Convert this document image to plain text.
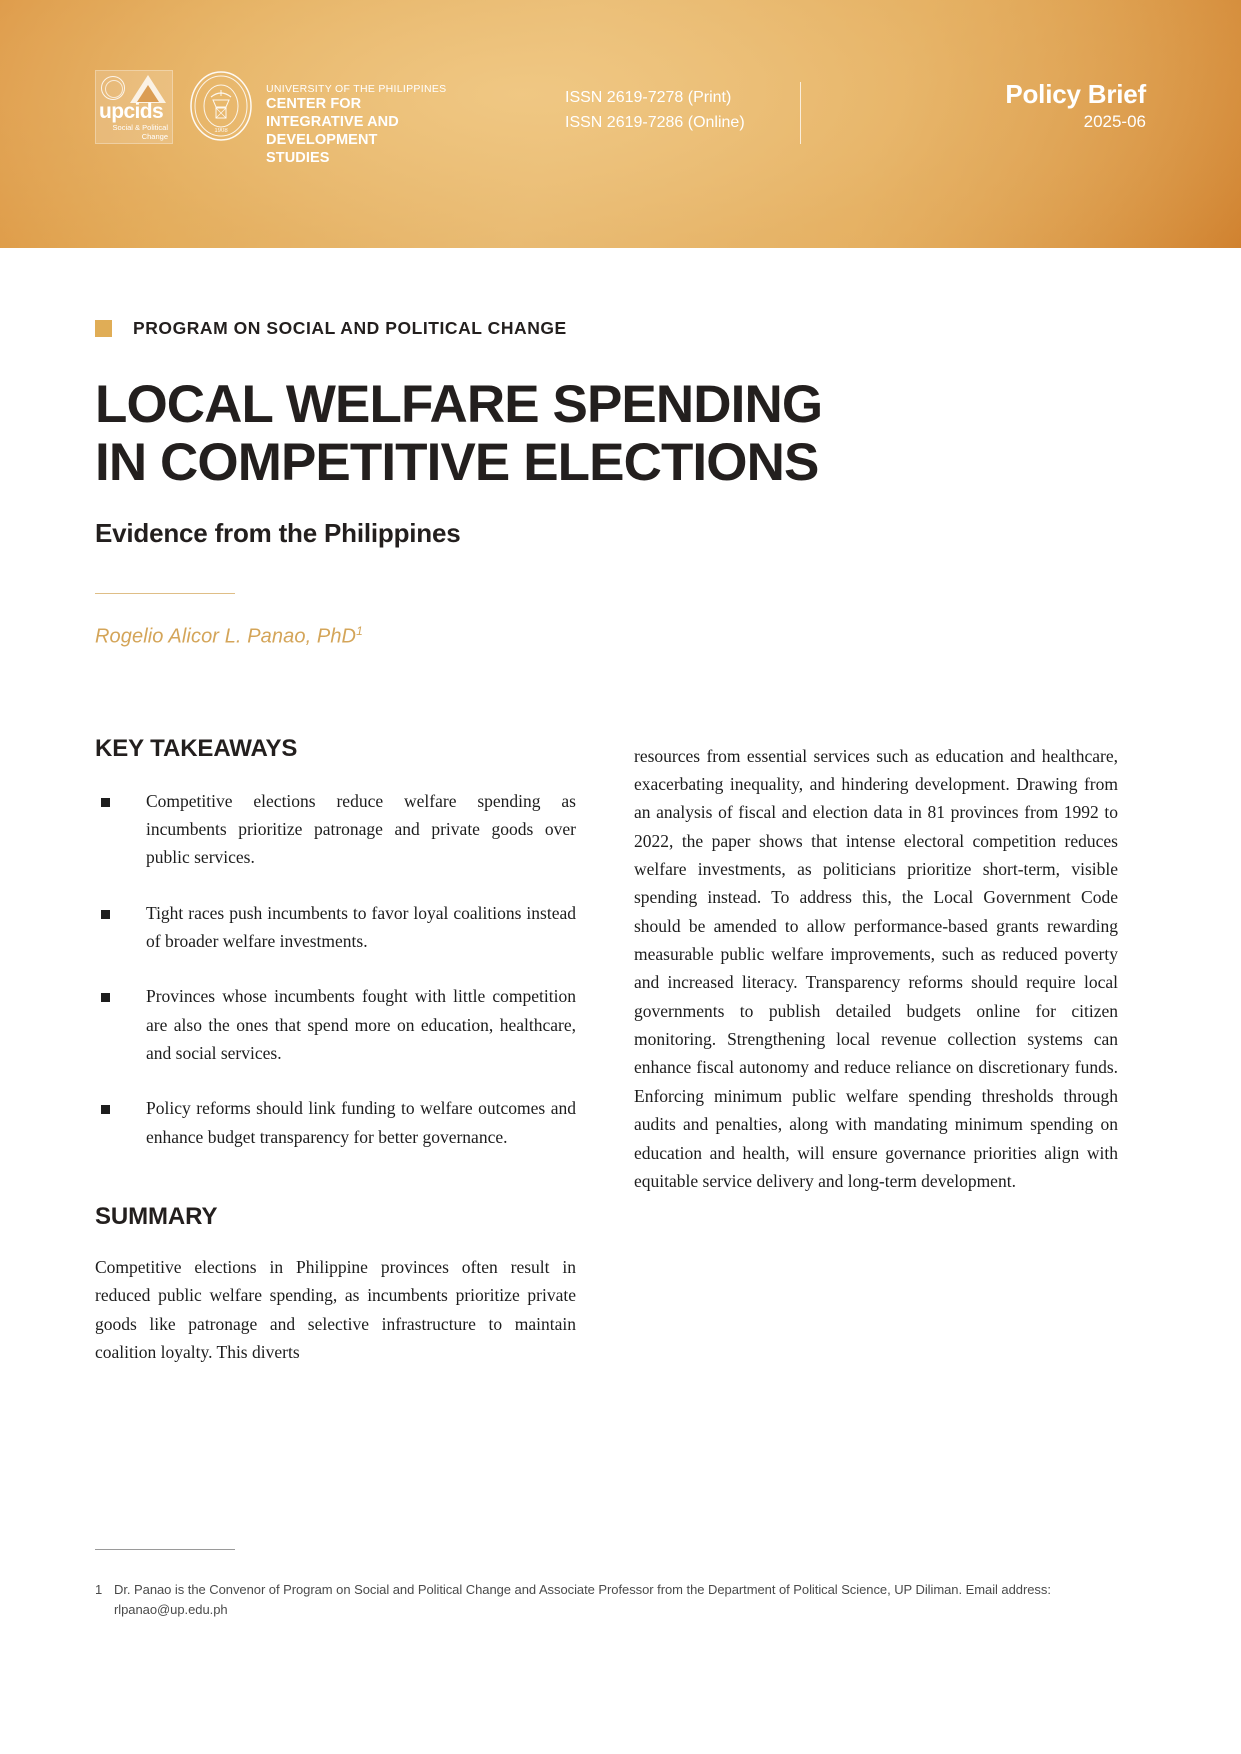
upcids
Social & Political
Change
1908
UNIVERSITY OF THE PHILIPPINES
CENTER FOR
INTEGRATIVE AND
DEVELOPMENT
STUDIES
ISSN 2619-7278 (Print)
ISSN 2619-7286 (Online)
Policy Brief
2025-06
PROGRAM ON SOCIAL AND POLITICAL CHANGE
LOCAL WELFARE SPENDING
IN COMPETITIVE ELECTIONS
Evidence from the Philippines
Rogelio Alicor L. Panao, PhD$^1$
KEY TAKEAWAYS
Competitive elections reduce welfare spending as incumbents prioritize patronage and private goods over public services.
Tight races push incumbents to favor loyal coalitions instead of broader welfare investments.
Provinces whose incumbents fought with little competition are also the ones that spend more on education, healthcare, and social services.
Policy reforms should link funding to welfare outcomes and enhance budget transparency for better governance.
SUMMARY

Competitive elections in Philippine provinces often result in reduced public welfare spending, as incumbents prioritize private goods like patronage and selective infrastructure to maintain coalition loyalty. This diverts

resources from essential services such as education and healthcare, exacerbating inequality, and hindering development. Drawing from an analysis of fiscal and election data in 81 provinces from 1992 to 2022, the paper shows that intense electoral competition reduces welfare investments, as politicians prioritize short-term, visible spending instead. To address this, the Local Government Code should be amended to allow performance-based grants rewarding measurable public welfare improvements, such as reduced poverty and increased literacy. Transparency reforms should require local governments to publish detailed budgets online for citizen monitoring. Strengthening local revenue collection systems can enhance fiscal autonomy and reduce reliance on discretionary funds. Enforcing minimum public welfare spending thresholds through audits and penalties, along with mandating minimum spending on education and health, will ensure governance priorities align with equitable service delivery and long-term development.

1 Dr. Panao is the Convenor of Program on Social and Political Change and Associate Professor from the Department of Political Science, UP Diliman. Email address: rlpanao@up.edu.ph
